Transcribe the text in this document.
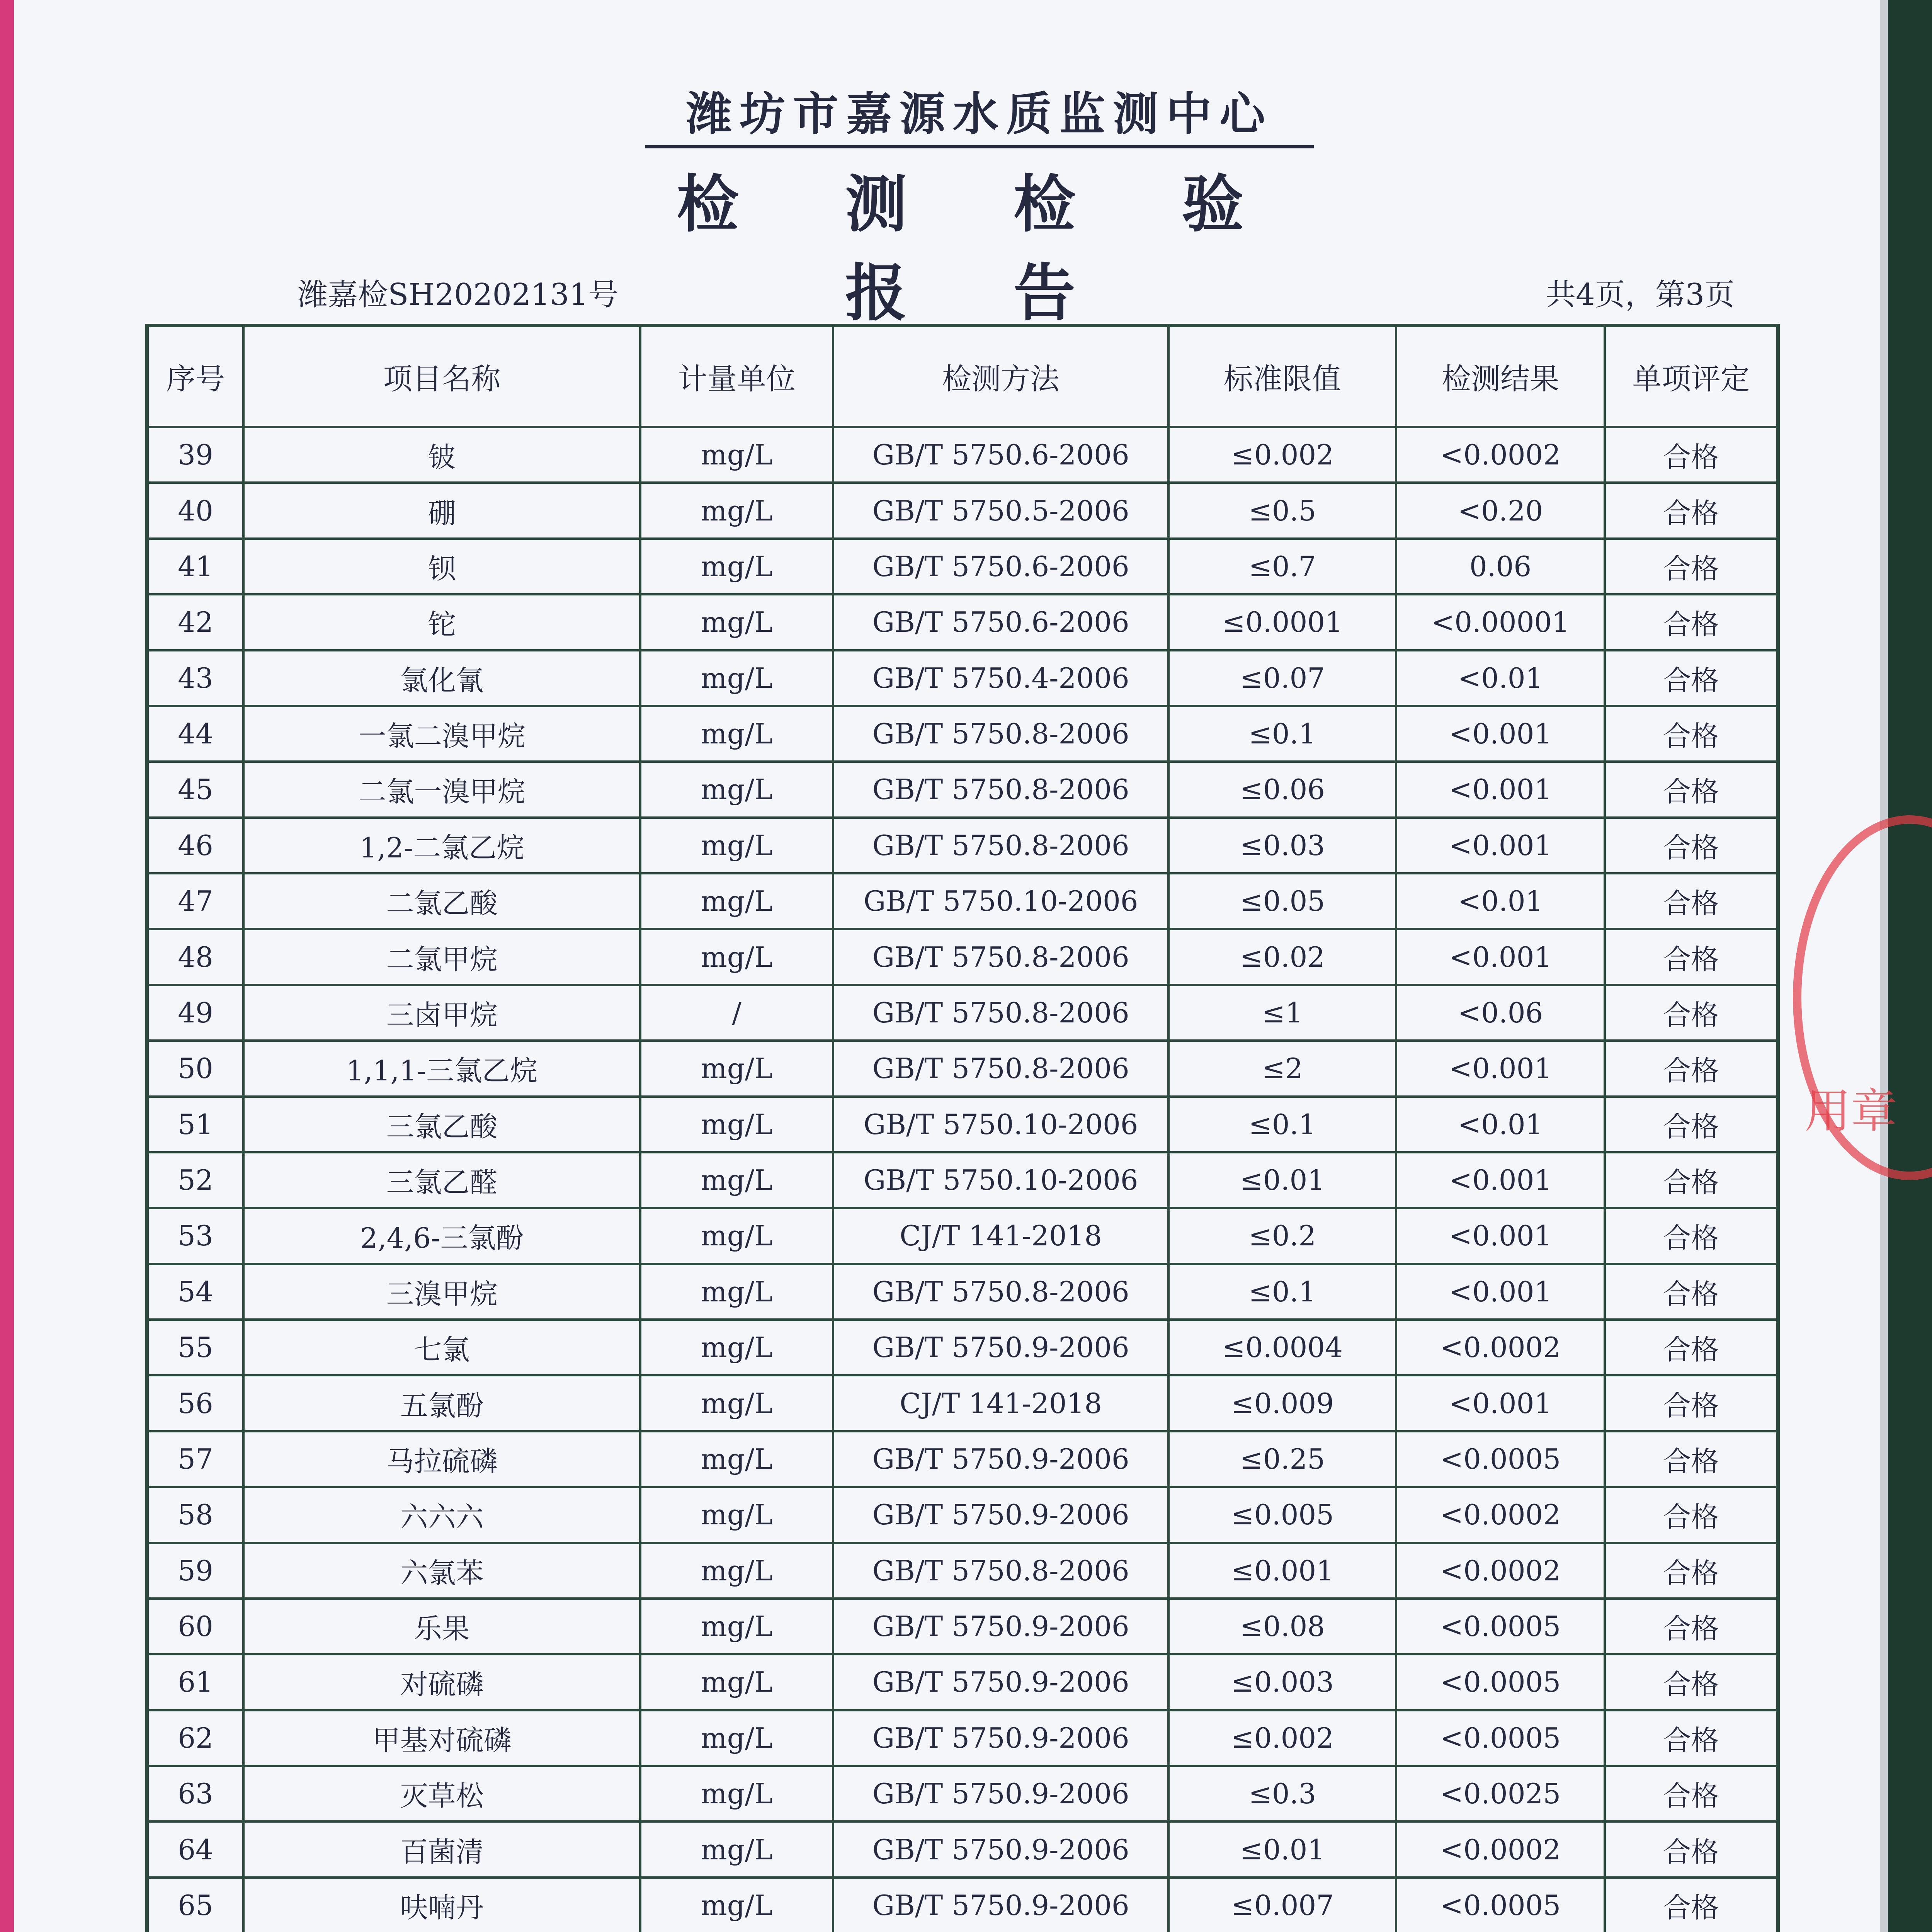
潍坊市嘉源水质监测中心
检 测 检 验 报 告
潍嘉检SH20202131号	共4页，第3页
序号	项目名称	计量单位	检测方法	标准限值	检测结果	单项评定
39	铍	mg/L	GB/T 5750.6-2006	≤0.002	<0.0002	合格
40	硼	mg/L	GB/T 5750.5-2006	≤0.5	<0.20	合格
41	钡	mg/L	GB/T 5750.6-2006	≤0.7	0.06	合格
42	铊	mg/L	GB/T 5750.6-2006	≤0.0001	<0.00001	合格
43	氯化氰	mg/L	GB/T 5750.4-2006	≤0.07	<0.01	合格
44	一氯二溴甲烷	mg/L	GB/T 5750.8-2006	≤0.1	<0.001	合格
45	二氯一溴甲烷	mg/L	GB/T 5750.8-2006	≤0.06	<0.001	合格
46	1,2-二氯乙烷	mg/L	GB/T 5750.8-2006	≤0.03	<0.001	合格
47	二氯乙酸	mg/L	GB/T 5750.10-2006	≤0.05	<0.01	合格
48	二氯甲烷	mg/L	GB/T 5750.8-2006	≤0.02	<0.001	合格
49	三卤甲烷	/	GB/T 5750.8-2006	≤1	<0.06	合格
50	1,1,1-三氯乙烷	mg/L	GB/T 5750.8-2006	≤2	<0.001	合格
51	三氯乙酸	mg/L	GB/T 5750.10-2006	≤0.1	<0.01	合格
52	三氯乙醛	mg/L	GB/T 5750.10-2006	≤0.01	<0.001	合格
53	2,4,6-三氯酚	mg/L	CJ/T 141-2018	≤0.2	<0.001	合格
54	三溴甲烷	mg/L	GB/T 5750.8-2006	≤0.1	<0.001	合格
55	七氯	mg/L	GB/T 5750.9-2006	≤0.0004	<0.0002	合格
56	五氯酚	mg/L	CJ/T 141-2018	≤0.009	<0.001	合格
57	马拉硫磷	mg/L	GB/T 5750.9-2006	≤0.25	<0.0005	合格
58	六六六	mg/L	GB/T 5750.9-2006	≤0.005	<0.0002	合格
59	六氯苯	mg/L	GB/T 5750.8-2006	≤0.001	<0.0002	合格
60	乐果	mg/L	GB/T 5750.9-2006	≤0.08	<0.0005	合格
61	对硫磷	mg/L	GB/T 5750.9-2006	≤0.003	<0.0005	合格
62	甲基对硫磷	mg/L	GB/T 5750.9-2006	≤0.002	<0.0005	合格
63	灭草松	mg/L	GB/T 5750.9-2006	≤0.3	<0.0025	合格
64	百菌清	mg/L	GB/T 5750.9-2006	≤0.01	<0.0002	合格
65	呋喃丹	mg/L	GB/T 5750.9-2006	≤0.007	<0.0005	合格

用章
